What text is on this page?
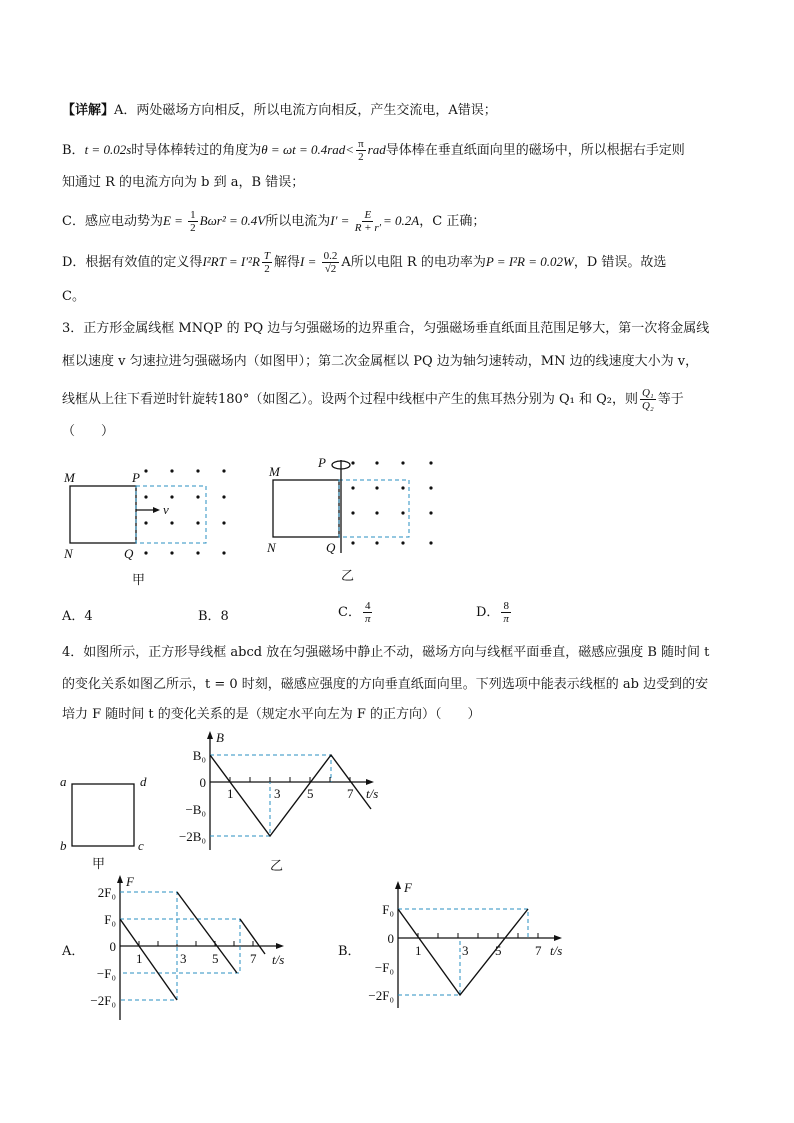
【详解】A．两处磁场方向相反，所以电流方向相反，产生交流电，A错误；
B．t = 0.02s时导体棒转过的角度为$\theta = \omega t = 0.4rad< \frac{\pi}{2}$ rad导体棒在垂直纸面向里的磁场中，所以根据右手定则
知通过 R 的电流方向为 b 到 a，B 错误；
C．感应电动势为$E = \frac{1}{2} B\omega r^2 = 0.4V$所以电流为$I' = \frac{E}{R + r'} = 0.2A$，C 正确；
D．根据有效值的定义得$I^2RT = I'^2R \frac{T}{2}$ 解得$I = \frac{0.2}{√2}$ A所以电阻 R 的电功率为P = I²R = 0.02W，D 错误。故选
C。
3．正方形金属线框 MNQP 的 PQ 边与匀强磁场的边界重合，匀强磁场垂直纸面且范围足够大，第一次将金属线
框以速度 v 匀速拉进匀强磁场内（如图甲）；第二次金属框以 PQ 边为轴匀速转动，MN 边的线速度大小为 v，
线框从上往下看逆时针旋转180°（如图乙）。设两个过程中线框中产生的焦耳热分别为 Q₁ 和 Q₂，则 $\frac{\text{Q₁}}{\text{Q₂}}$ 等于
（　　）
M	P
N	Q
v
甲
M
P
N	Q
乙
A．4	B．8	C． $\frac{4}{\pi}$	D． $\frac{8}{\pi}$
4．如图所示，正方形导线框 abcd 放在匀强磁场中静止不动，磁场方向与线框平面垂直，磁感应强度 B 随时间 t
的变化关系如图乙所示，t = 0 时刻，磁感应强度的方向垂直纸面向里。下列选项中能表示线框的 ab 边受到的安
培力 F 随时间 t 的变化关系的是（规定水平向左为 F 的正方向）（　　）
a	d
b	c
甲
B
t/s
B₀
0
−B₀
−2B₀
1	3 5	7
乙
A．
F
t/s
2F₀
F₀
0
−F₀
−2F₀
1	3 5 7	B．
F
t/s
F₀
0
−F₀
−2F₀
1	3 5	7
